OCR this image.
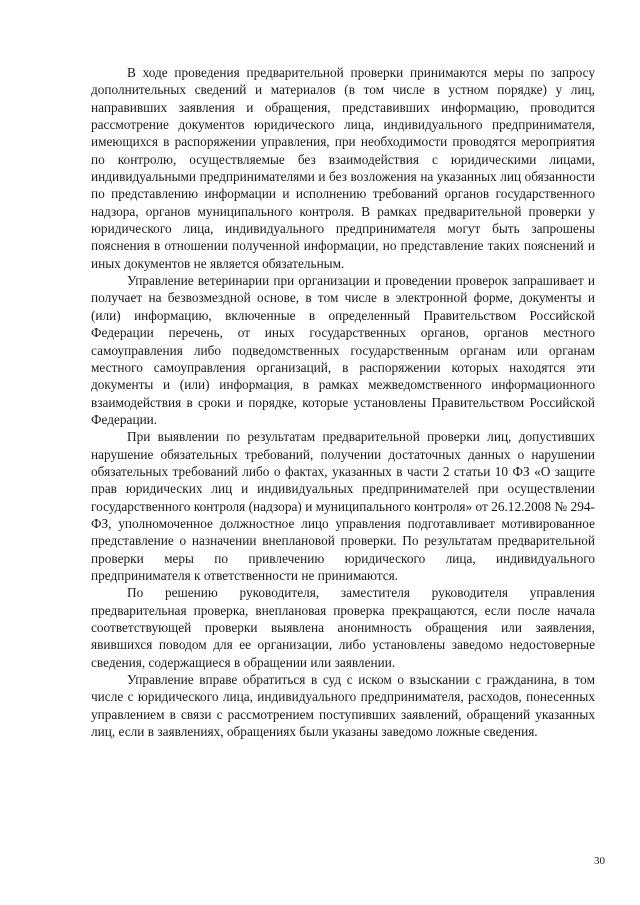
В ходе проведения предварительной проверки принимаются меры по запросу дополнительных сведений и материалов (в том числе в устном порядке) у лиц, направивших заявления и обращения, представивших информацию, проводится рассмотрение документов юридического лица, индивидуального предпринимателя, имеющихся в распоряжении управления, при необходимости проводятся мероприятия по контролю, осуществляемые без взаимодействия с юридическими лицами, индивидуальными предпринимателями и без возложения на указанных лиц обязанности по представлению информации и исполнению требований органов государственного надзора, органов муниципального контроля. В рамках предварительной проверки у юридического лица, индивидуального предпринимателя могут быть запрошены пояснения в отношении полученной информации, но представление таких пояснений и иных документов не является обязательным.

Управление ветеринарии при организации и проведении проверок запрашивает и получает на безвозмездной основе, в том числе в электронной форме, документы и (или) информацию, включенные в определенный Правительством Российской Федерации перечень, от иных государственных органов, органов местного самоуправления либо подведомственных государственным органам или органам местного самоуправления организаций, в распоряжении которых находятся эти документы и (или) информация, в рамках межведомственного информационного взаимодействия в сроки и порядке, которые установлены Правительством Российской Федерации.

При выявлении по результатам предварительной проверки лиц, допустивших нарушение обязательных требований, получении достаточных данных о нарушении обязательных требований либо о фактах, указанных в части 2 статьи 10 ФЗ «О защите прав юридических лиц и индивидуальных предпринимателей при осуществлении государственного контроля (надзора) и муниципального контроля» от 26.12.2008 № 294-ФЗ, уполномоченное должностное лицо управления подготавливает мотивированное представление о назначении внеплановой проверки. По результатам предварительной проверки меры по привлечению юридического лица, индивидуального предпринимателя к ответственности не принимаются.

По решению руководителя, заместителя руководителя управления предварительная проверка, внеплановая проверка прекращаются, если после начала соответствующей проверки выявлена анонимность обращения или заявления, явившихся поводом для ее организации, либо установлены заведомо недостоверные сведения, содержащиеся в обращении или заявлении.

Управление вправе обратиться в суд с иском о взыскании с гражданина, в том числе с юридического лица, индивидуального предпринимателя, расходов, понесенных управлением в связи с рассмотрением поступивших заявлений, обращений указанных лиц, если в заявлениях, обращениях были указаны заведомо ложные сведения.

30
